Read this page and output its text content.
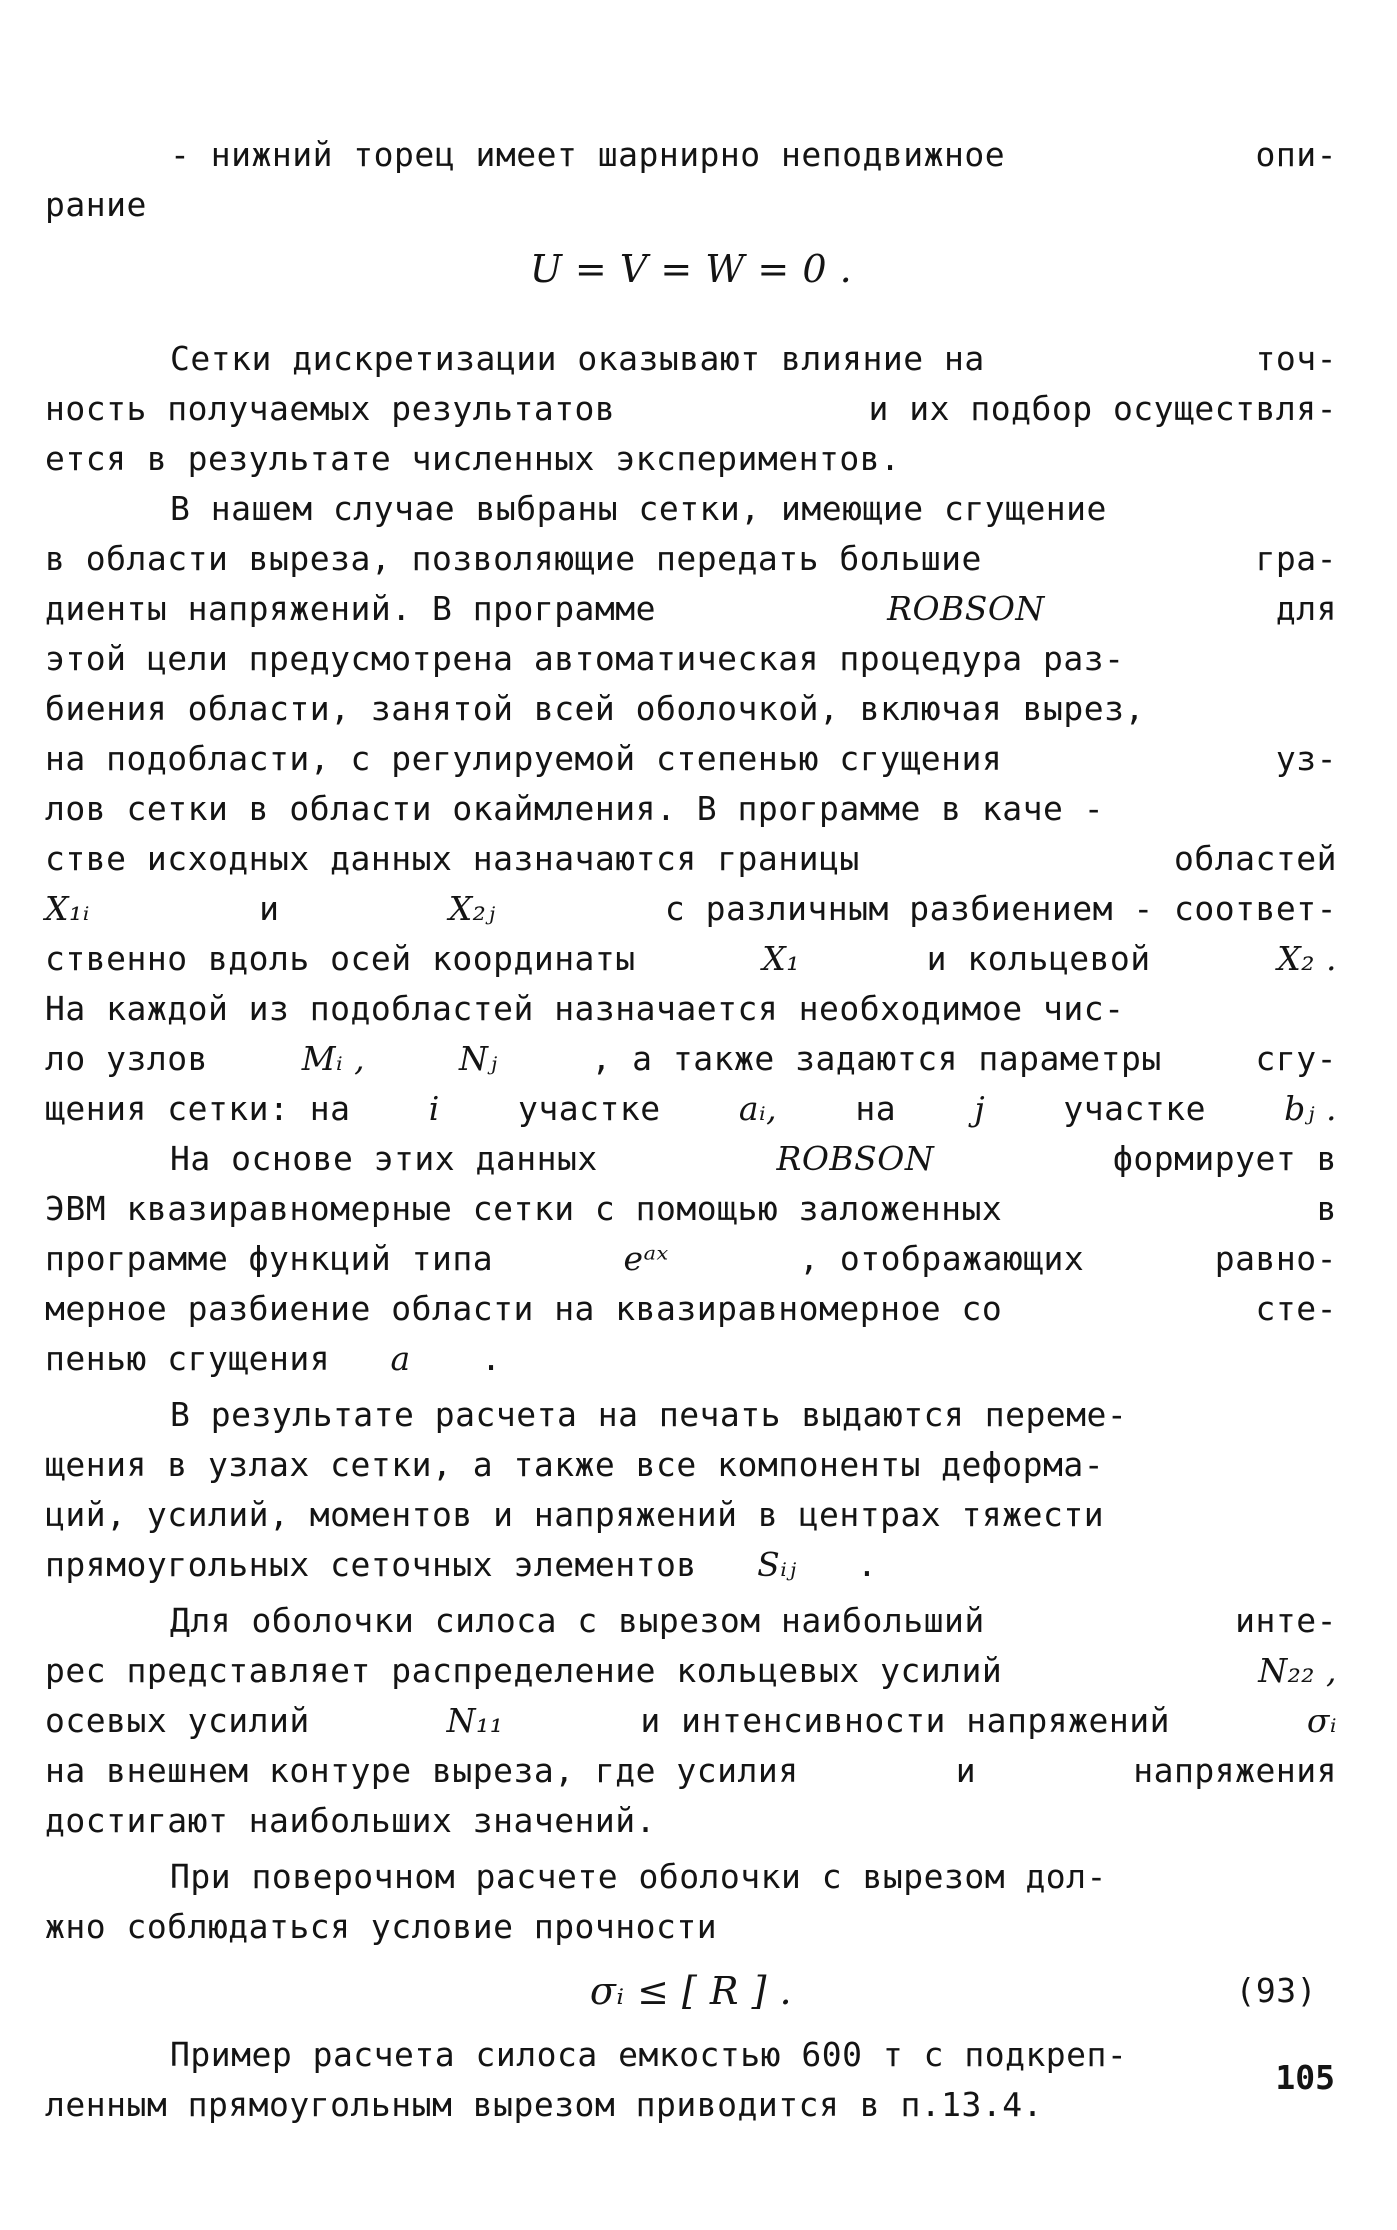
- нижний торец имеет шарнирно неподвижное	опи-
рание
U = V = W = 0 .
Сетки дискретизации оказывают влияние на	точ-
ность получаемых результатов	и их подбор осуществля-
ется в результате численных экспериментов.
В нашем случае выбраны сетки, имеющие сгущение
в области выреза, позволяющие передать большие	гра-
диенты напряжений. В программе	ROBSON	для
этой цели предусмотрена автоматическая процедура раз-
биения области, занятой всей оболочкой, включая вырез,
на подобласти, с регулируемой степенью сгущения	уз-
лов сетки в области окаймления. В программе в каче -
стве исходных данных назначаются границы	областей
X₁ᵢ	и	X₂ⱼ	с различным разбиением - соответ-
ственно вдоль осей координаты	X₁	и кольцевой	X₂ .
На каждой из подобластей назначается необходимое чис-
ло узлов	Mᵢ ,	Nⱼ	, а также задаются параметры	сгу-
щения сетки: на i участке aᵢ, на j участке bⱼ .
На основе этих данных	ROBSON	формирует в
ЭВМ квазиравномерные сетки с помощью заложенных	в
программе функций типа	eᵃˣ	, отображающих	равно-
мерное разбиение области на квазиравномерное со	сте-
пенью сгущения a .
В результате расчета на печать выдаются переме-
щения в узлах сетки, а также все компоненты деформа-
ций, усилий, моментов и напряжений в центрах тяжести
прямоугольных сеточных элементов Sᵢⱼ .
Для оболочки силоса с вырезом наибольший	инте-
рес представляет распределение кольцевых усилий	N₂₂ ,
осевых усилий	N₁₁	и интенсивности напряжений	σᵢ
на внешнем контуре выреза, где усилия	и	напряжения
достигают наибольших значений.
При поверочном расчете оболочки с вырезом дол-
жно соблюдаться условие прочности
σᵢ ≤ [ R ] .	(93)
Пример расчета силоса емкостью 600 т с подкреп-
ленным прямоугольным вырезом приводится в п.13.4.
105
